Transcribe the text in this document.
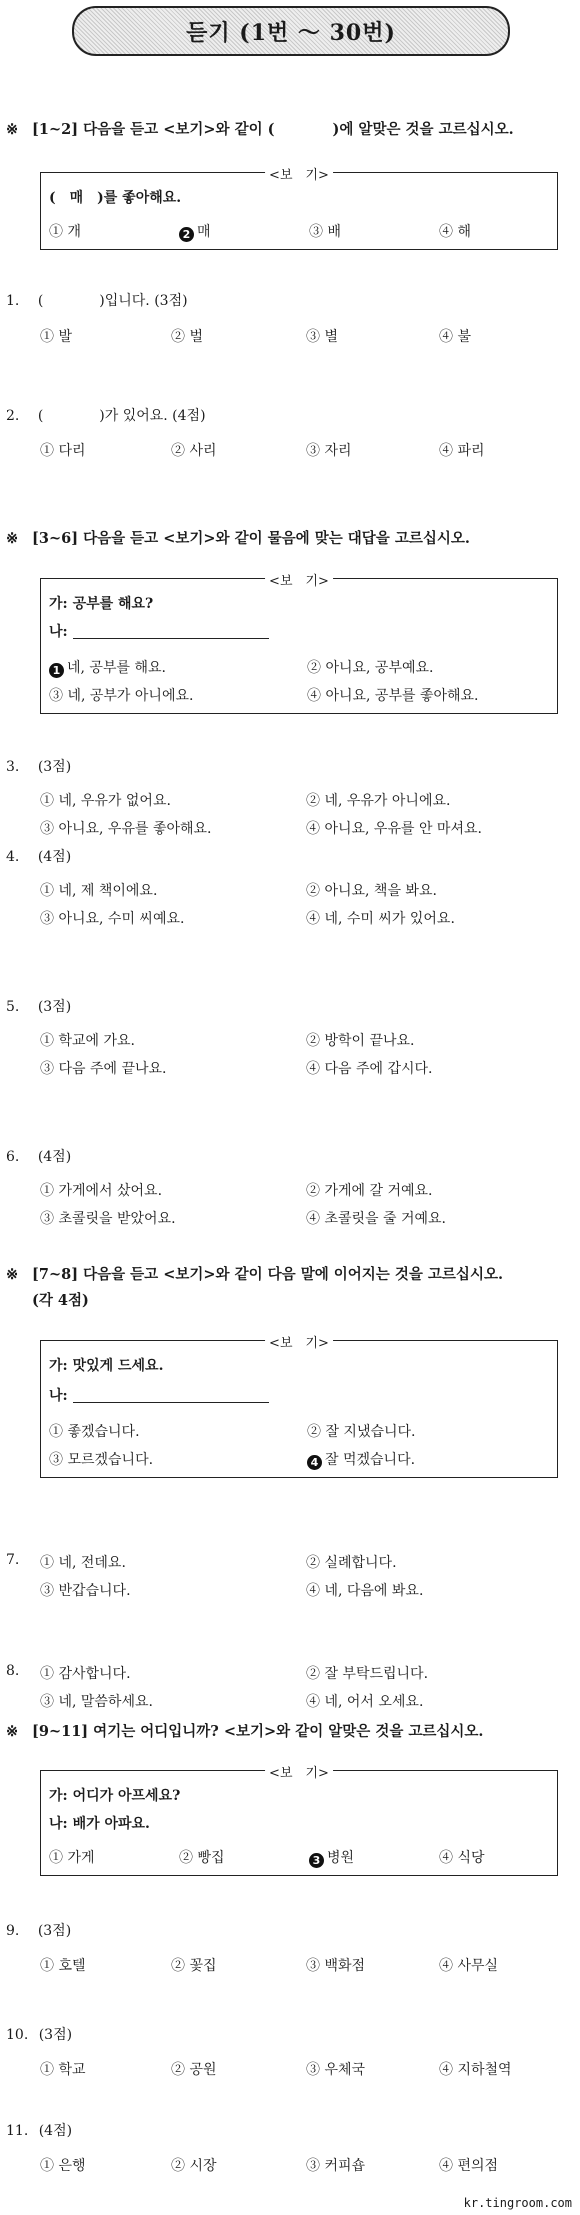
듣기 (1번 ～ 30번)
※ [1~2] 다음을 듣고 <보기>와 같이 (　　　　)에 알맞은 것을 고르십시오.
<보　기>
(　매　)를 좋아해요.
① 개	2 매	③ 배	④ 해
1. (　　　　)입니다. (3점)
① 발	② 벌	③ 별	④ 불
2. (　　　　)가 있어요. (4점)
① 다리	② 사리	③ 자리	④ 파리
※ [3~6] 다음을 듣고 <보기>와 같이 물음에 맞는 대답을 고르십시오.
<보　기>
가: 공부를 해요?
나:
1 네, 공부를 해요.	② 아니요, 공부예요.
③ 네, 공부가 아니에요.	④ 아니요, 공부를 좋아해요.
3. (3점)
① 네, 우유가 없어요.	② 네, 우유가 아니에요.
③ 아니요, 우유를 좋아해요.	④ 아니요, 우유를 안 마셔요.
4. (4점)
① 네, 제 책이에요.	② 아니요, 책을 봐요.
③ 아니요, 수미 씨예요.	④ 네, 수미 씨가 있어요.
5. (3점)
① 학교에 가요.	② 방학이 끝나요.
③ 다음 주에 끝나요.	④ 다음 주에 갑시다.
6. (4점)
① 가게에서 샀어요.	② 가게에 갈 거예요.
③ 초콜릿을 받았어요.	④ 초콜릿을 줄 거예요.
※ [7~8] 다음을 듣고 <보기>와 같이 다음 말에 이어지는 것을 고르십시오.
(각 4점)
<보　기>
가: 맛있게 드세요.
나:
① 좋겠습니다.	② 잘 지냈습니다.
③ 모르겠습니다.	4 잘 먹겠습니다.
7. ① 네, 전데요.	② 실례합니다.
③ 반갑습니다.	④ 네, 다음에 봐요.
8. ① 감사합니다.	② 잘 부탁드립니다.
③ 네, 말씀하세요.	④ 네, 어서 오세요.
※ [9~11] 여기는 어디입니까? <보기>와 같이 알맞은 것을 고르십시오.
<보　기>
가: 어디가 아프세요?
나: 배가 아파요.
① 가게	② 빵집	3 병원	④ 식당
9. (3점)
① 호텔	② 꽃집	③ 백화점	④ 사무실
10. (3점)
① 학교	② 공원	③ 우체국	④ 지하철역
11. (4점)
① 은행	② 시장	③ 커피숍	④ 편의점
kr.tingroom.com
